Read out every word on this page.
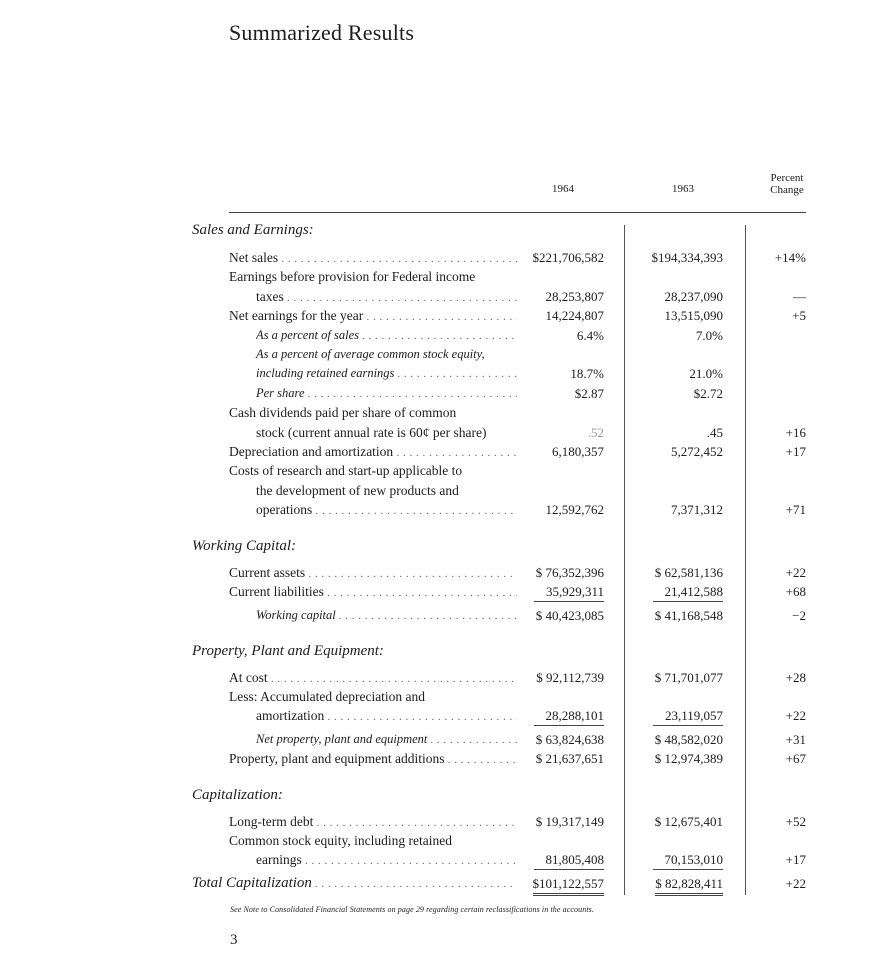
Summarized Results
1964	1963
Percent Change
Sales and Earnings:
Net sales . . .	$221,706,582	$194,334,393	+14%
Earnings before provision for Federal income
taxes . . .	28,253,807	28,237,090	—
Net earnings for the year . . .	14,224,807	13,515,090	+5
As a percent of sales . . .	6.4%	7.0%
As a percent of average common stock equity,
including retained earnings . . .	18.7%	21.0%
Per share . . .	$2.87	$2.72
Cash dividends paid per share of common
stock (current annual rate is 60¢ per share)	.52	.45	+16
Depreciation and amortization . . .	6,180,357	5,272,452	+17
Costs of research and start-up applicable to
the development of new products and
operations . . .	12,592,762	7,371,312	+71
Working Capital:
Current assets . . .	$ 76,352,396	$ 62,581,136	+22
Current liabilities . . .	35,929,311	21,412,588	+68
Working capital . . .	$ 40,423,085	$ 41,168,548	−2
Property, Plant and Equipment:
At cost . . .	$ 92,112,739	$ 71,701,077	+28
Less: Accumulated depreciation and
amortization . . .	28,288,101	23,119,057	+22
Net property, plant and equipment . . .	$ 63,824,638	$ 48,582,020	+31
Property, plant and equipment additions . . .	$ 21,637,651	$ 12,974,389	+67
Capitalization:
Long-term debt . . .	$ 19,317,149	$ 12,675,401	+52
Common stock equity, including retained
earnings . . .	81,805,408	70,153,010	+17
Total Capitalization . . .	$101,122,557	$ 82,828,411	+22
See Note to Consolidated Financial Statements on page 29 regarding certain reclassifications in the accounts.
3
